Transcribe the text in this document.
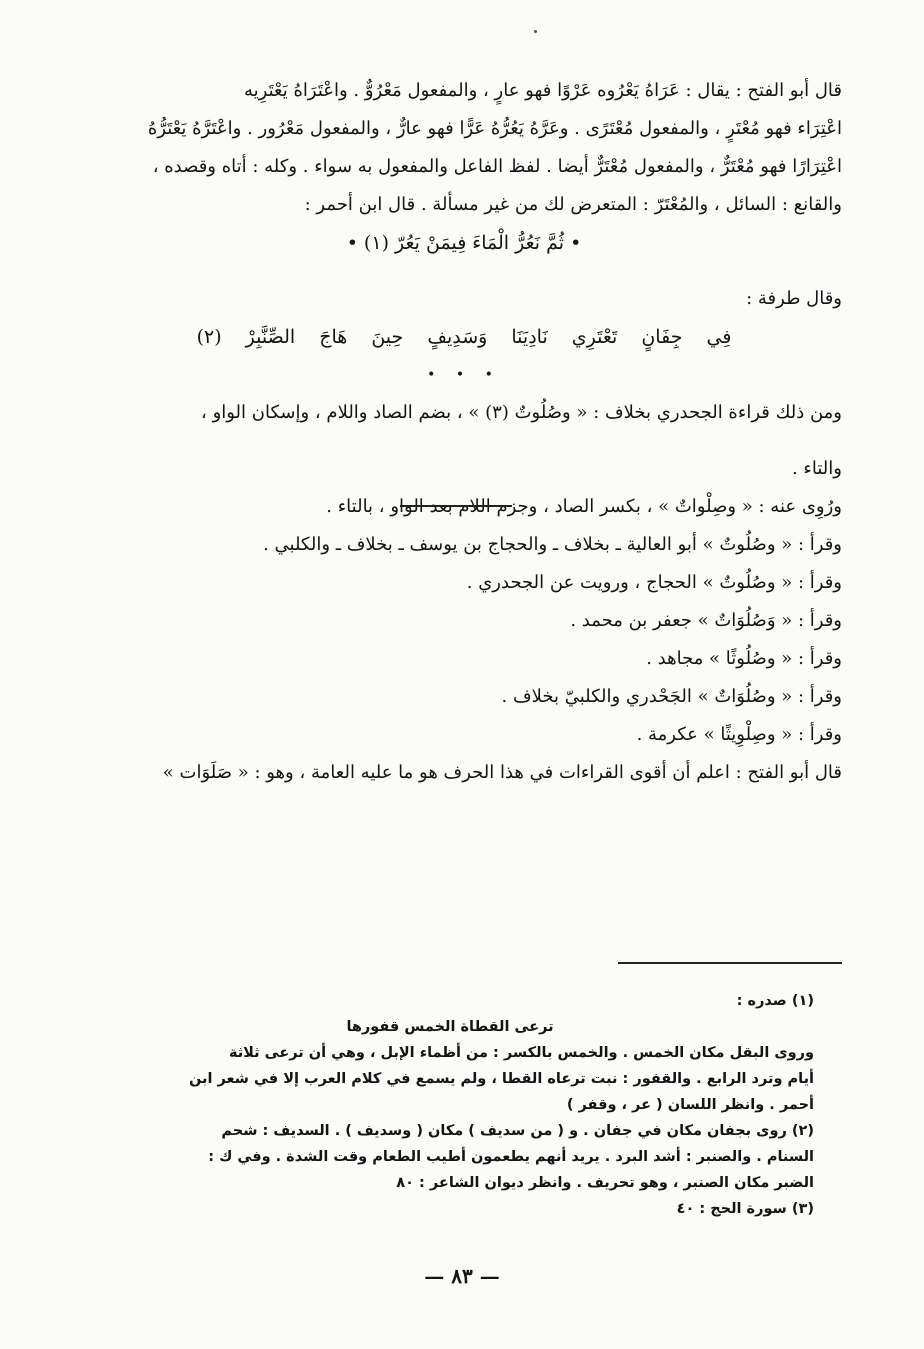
قال أبو الفتح : يقال : عَرَاهُ يَعْرُوه عَرْوًا فهو عارٍ ، والمفعول مَعْرُوٌّ . واعْتَرَاهُ يَعْتَرِيه
اعْتِرَاء فهو مُعْتَرٍ ، والمفعول مُعْتَرًى . وعَرَّهُ يَعُرُّهُ عَرًّا فهو عارٌّ ، والمفعول مَعْرُور . واعْتَرَّهُ يَعْتَرُّهُ
اعْتِرَارًا فهو مُعْتَرٌّ ، والمفعول مُعْتَرٌّ أيضا . لفظ الفاعل والمفعول به سواء . وكله : أتاه وقصده ،
والقانع : السائل ، والمُعْتَرّ : المتعرض لك من غير مسألة . قال ابن أحمر :
• ثُمَّ نَعُرُّ الْمَاءَ فِيمَنْ يَعُرّ (١) •
وقال طرفة :
فِي جِفَانٍ تَعْتَرِي نَادِيَنَا وَسَدِيفٍ حِينَ هَاجَ الصِّنَّبِرْ (٢)
• • •
ومن ذلك قراءة الجحدري بخلاف : « وصُلُوتٌ (٣) » ، بضم الصاد واللام ، وإسكان الواو ،
والتاء .
ورُوِى عنه : « وصِلْواتٌ » ، بكسر الصاد ، وجزم اللام بعد الواو ، بالتاء .
وقرأ : « وصُلُوتٌ » أبو العالية ـ بخلاف ـ والحجاج بن يوسف ـ بخلاف ـ والكلبي .
وقرأ : « وصُلُوتٌ » الحجاج ، ورويت عن الجحدري .
وقرأ : « وَصُلُوَاتٌ » جعفر بن محمد .
وقرأ : « وصُلُوثًا » مجاهد .
وقرأ : « وصُلُوَاتٌ » الجَحْدري والكلبيّ بخلاف .
وقرأ : « وصِلْوِيثًا » عكرمة .
قال أبو الفتح : اعلم أن أقوى القراءات في هذا الحرف هو ما عليه العامة ، وهو : « صَلَوَات »
(١) صدره :
ترعى القطاة الخمس قفورها
وروى البقل مكان الخمس . والخمس بالكسر : من أظماء الإبل ، وهي أن ترعى ثلاثة
أيام وترد الرابع . والقفور : نبت ترعاه القطا ، ولم يسمع في كلام العرب إلا في شعر ابن
أحمر . وانظر اللسان ( عر ، وقفر )
(٢) روى بجفان مكان في جفان . و ( من سديف ) مكان ( وسديف ) . السديف : شحم
السنام . والصنبر : أشد البرد . يريد أنهم يطعمون أطيب الطعام وقت الشدة . وفي ك :
الضبر مكان الصنبر ، وهو تحريف . وانظر ديوان الشاعر : ٨٠
(٣) سورة الحج : ٤٠
— ٨٣ —
